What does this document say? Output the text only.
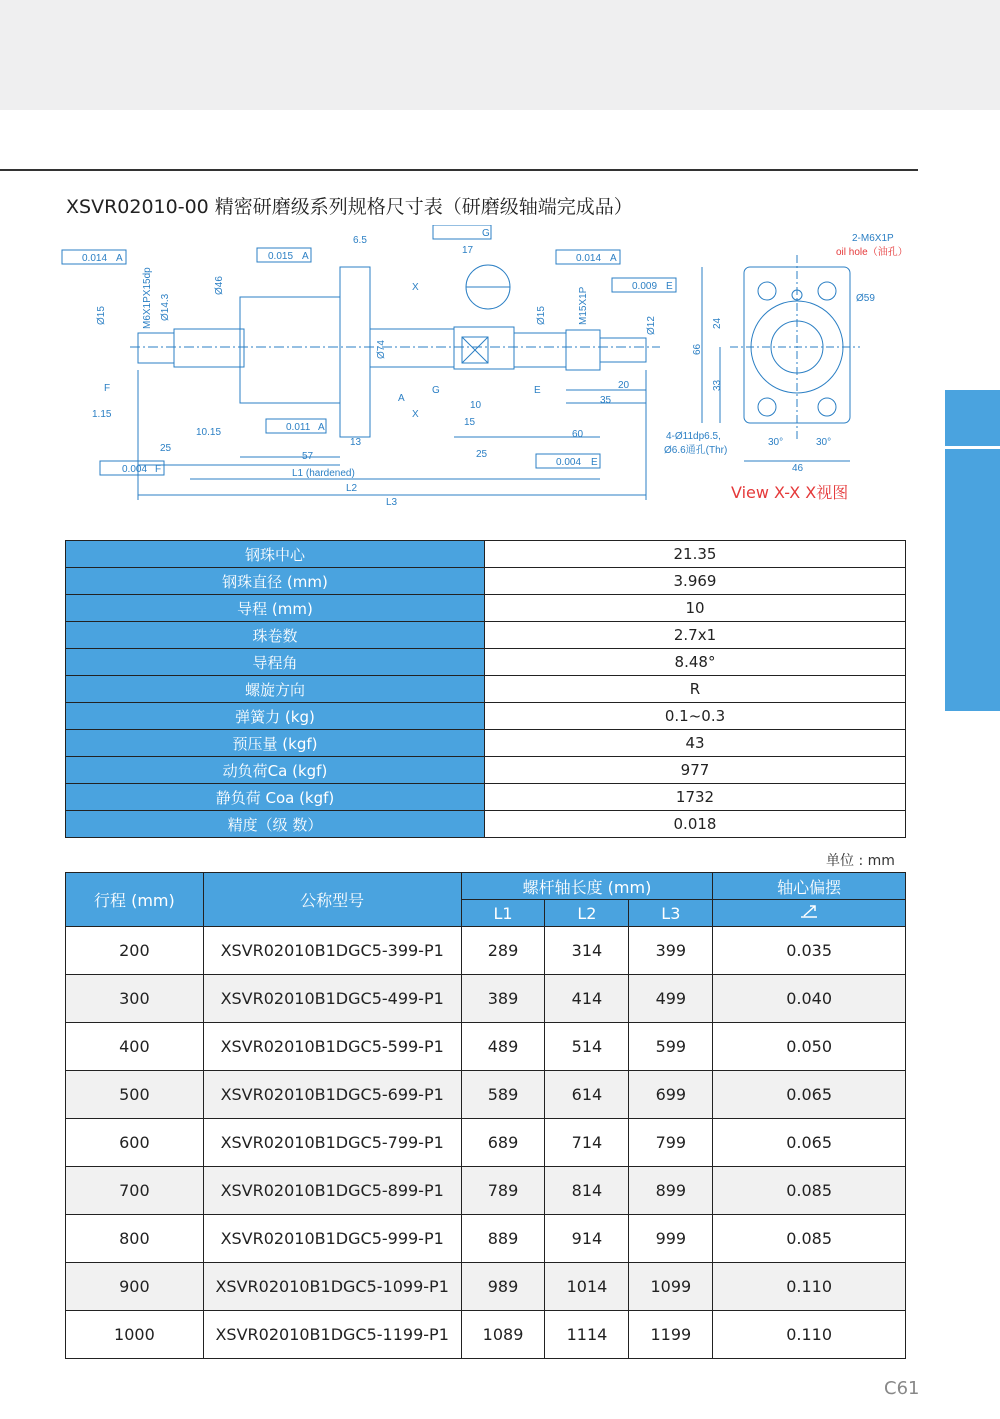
XSVR02010-00 精密研磨级系列规格尺寸表（研磨级轴端完成品）
0.014 A	0.015 A	0.014 A
0.009 E
0.011 A
0.004 F
0.004 E
G
Ø15	M6X1PX15dp Ø14.3
Ø46
Ø74
Ø15	M15X1P
Ø12
6.5
17
1.15
10.15
25
57
13
10
15
25
60
20
35
L1 (hardened)
L2
L3
X
X
F
A
G	E
2-M6X1P
oil hole（油孔）
Ø59
24
66
33
4-Ø11dp6.5,
Ø6.6通孔(Thr)
30°	30°
46
View X-X X视图
钢珠中心	21.35
钢珠直径 (mm)	3.969
导程 (mm)	10
珠卷数	2.7x1
导程角	8.48°
螺旋方向	R
弹簧力 (kg)	0.1~0.3
预压量 (kgf)	43
动负荷Ca (kgf)	977
静负荷 Coa (kgf)	1732
精度（级 数）	0.018
单位 : mm
行程 (mm)	公称型号	螺杆轴长度 (mm)			轴心偏摆
		L1	L2	L3	
200	XSVR02010B1DGC5-399-P1	289	314	399	0.035
300	XSVR02010B1DGC5-499-P1	389	414	499	0.040
400	XSVR02010B1DGC5-599-P1	489	514	599	0.050
500	XSVR02010B1DGC5-699-P1	589	614	699	0.065
600	XSVR02010B1DGC5-799-P1	689	714	799	0.065
700	XSVR02010B1DGC5-899-P1	789	814	899	0.085
800	XSVR02010B1DGC5-999-P1	889	914	999	0.085
900	XSVR02010B1DGC5-1099-P1	989	1014	1099	0.110
1000	XSVR02010B1DGC5-1199-P1	1089	1114	1199	0.110
C61
